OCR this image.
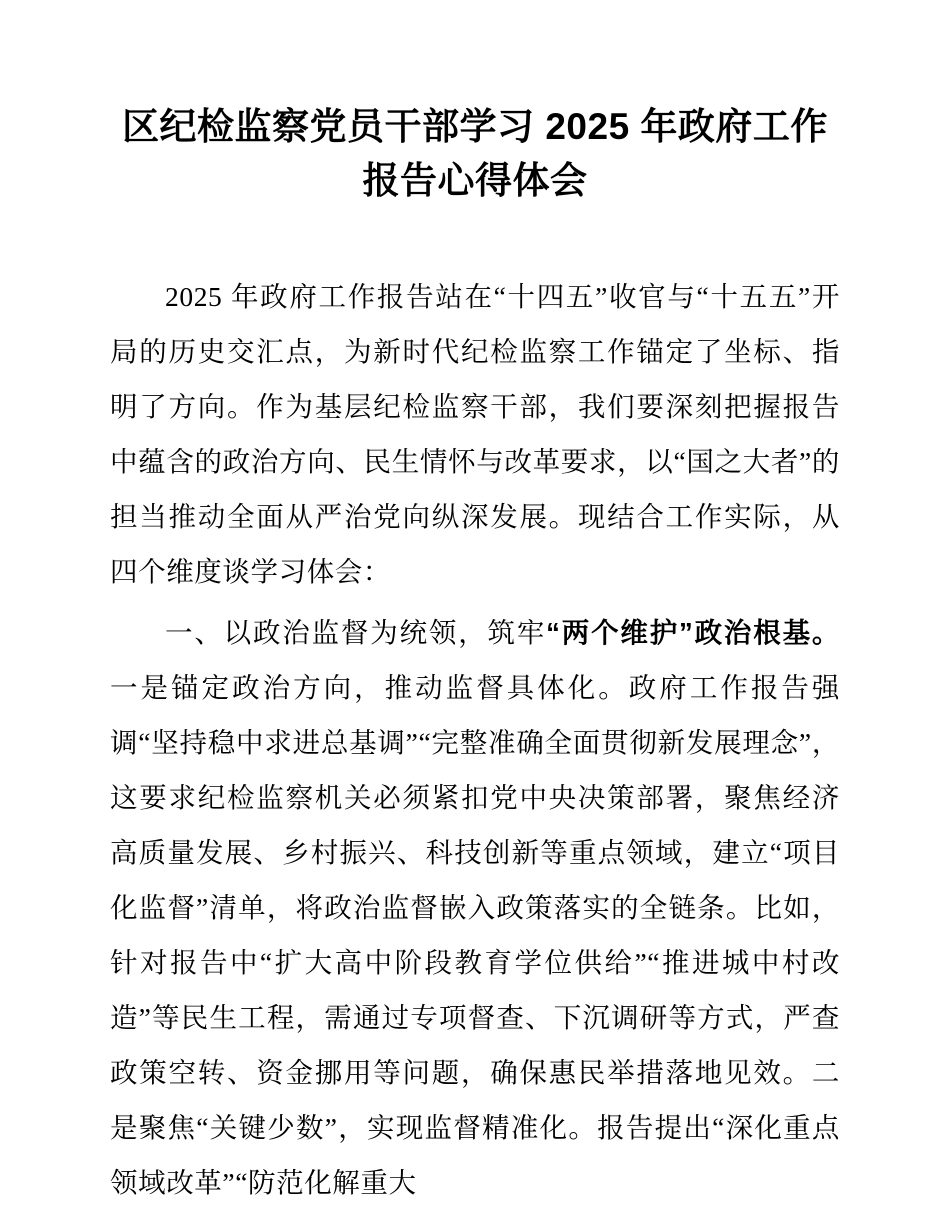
区纪检监察党员干部学习 2025 年政府工作报告心得体会

2025 年政府工作报告站在“十四五”收官与“十五五”开局的历史交汇点，为新时代纪检监察工作锚定了坐标、指明了方向。作为基层纪检监察干部，我们要深刻把握报告中蕴含的政治方向、民生情怀与改革要求，以“国之大者”的担当推动全面从严治党向纵深发展。现结合工作实际，从四个维度谈学习体会：

一、以政治监督为统领，筑牢“两个维护”政治根基。一是锚定政治方向，推动监督具体化。政府工作报告强调“坚持稳中求进总基调”“完整准确全面贯彻新发展理念”，这要求纪检监察机关必须紧扣党中央决策部署，聚焦经济高质量发展、乡村振兴、科技创新等重点领域，建立“项目化监督”清单，将政治监督嵌入政策落实的全链条。比如，针对报告中“扩大高中阶段教育学位供给”“推进城中村改造”等民生工程，需通过专项督查、下沉调研等方式，严查政策空转、资金挪用等问题，确保惠民举措落地见效。二是聚焦“关键少数”，实现监督精准化。报告提出“深化重点领域改革”“防范化解重大
